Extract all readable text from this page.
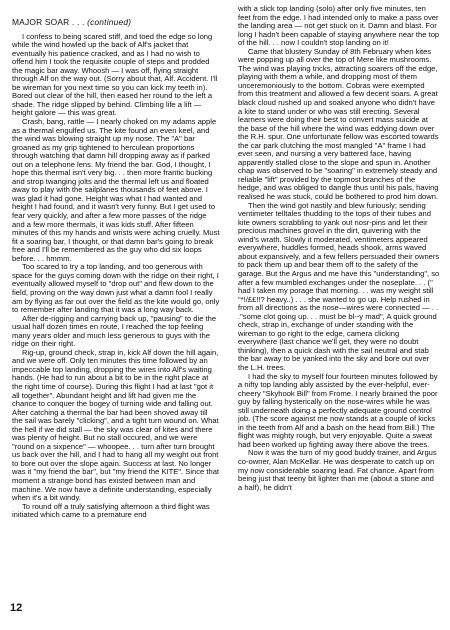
MAJOR SOAR . . . (continued)

I confess to being scared stiff, and toed the edge so long while the wind howled up the back of Alf's jacket that eventually his patience cracked, and as I had no wish to offend him I took the requisite couple of steps and prodded the magic bar away. Whoosh — I was off, flying straight through Alf on the way out. (Sorry about that, Alf. Accident. I'll be wireman for you next time so you can kick my teeth in). Bored out clear of the hill, then eased her round to the left a shade. The ridge slipped by behind. Climbing life a lift — height galore — this was great.

Crash, bang, rattle — I nearly choked on my adams apple as a thermal engulfed us. The kite found an even keel, and the wind was blowing straight up my nose. The "A" bar groaned as my grip tightened to herculean proportions through watching that damn hill dropping away as if parked out on a telephone lens. My friend the bar. God, I thought, I hope this thermal isn't very big. . . then more frantic bucking and strop twanging jolts and the thermal left us and floated away to play with the sailplanes thousands of feet above. I was glad it had gone. Height was what I had wanted and height I had found, and it wasn't very funny. But I get used to fear very quickly, and after a few more passes of the ridge and a few more thermals, it was kids stuff. After fifteen minutes of this my hands and wrists were aching cruelly. Must fit a soaring bar, I thought, or that damn bar's going to break free and I'll be remembered as the guy who did six loops before. . . hmmm.

Too scared to try a top landing, and too generous with space for the guys coming down with the ridge on their right, I eventually allowed myself to "drop out" and flew down to the field, proving on the way down just what a damn fool I really am by flying as far out over the field as the kite would go, only to remember after landing that it was a long way back.

After de-rigging and carrying back up, "pausing" to die the usual half dozen times en route, I reached the top feeling many years older and much less generous to guys with the ridge on their right.

Rig-up, ground check, strap in, kick Alf down the hill again, and we were off. Only ten minutes this time followed by an impeccable top landing, dropping the wires into Alf's waiting hands. (He had to run about a bit to be in the right place at the right time of course). During this flight I had at last "got it all together". Abundant height and lift had given me the chance to conquer the bogey of turning wide and falling out. After catching a thermal the bar had been shoved away till the sail was barely "clicking", and a tight turn wound on. What the hell if we did stall — the sky was clear of kites and there was plenty of height. But no stall occured, and we were "round on a sixpence" — whoopee. . . turn after turn brought us back over the hill, and I had to hang all my weight out front to bore out over the slope again. Success at last. No longer was it "my friend the bar", but "my friend the KITE". Since that moment a strange bond has existed between man and machine. We now have a definite understanding, especially when it's a bit windy.

To round off a truly satisfying afternoon a third flight was initiated which came to a premature end

with a slick top landing (solo) after only five minutes, ten feet from the edge. I had intended only to make a pass over the landing area — not get stuck on it. Damn and blast. For long I hadn't been capable of staying anywhere near the top of the hill. . . now I couldn't stop landing on it!

Came that blustery Sunday of 8th February when kites were popping up all over the top of Mere like mushrooms. The wind was playing tricks, attracting soarers off the edge, playing with them a while, and dropping most of them unceremoniously to the bottom. Cobras were exempted from this treatment and allowed a few decent soars. A great black cloud rushed up and soaked anyone who didn't have a kite to stand under or who was still erecting. Several learners were doing their best to convert mass suicide at the base of the hill where the wind was eddying down over the R.H. spur. One unfortunate fellow was escorted towards the car park clutching the most mangled "A" frame I had ever seen, and nursing a very battered face, having apparently stalled close to the slope and spun in. Another chap was observed to be "soaring" in extremely steady and reliable "lift" provided by the topmost branches of the hedge, and was obliged to dangle thus until his pals, having realised he was stuck, could be bothered to prod him down.

Then the wind got nastily and blew furiously; sending ventimeter telltales thudding to the tops of their tubes and kite owners scrabbling to yank out nosr-pins and let their precious machines grovel in the dirt, quivering with the wind's wrath. Slowly it moderated, ventimeters appeared everywhere, huddles formed, heads shook, arms waved about expansively, and a few fellers persuaded their owners to pack them up and bear them off to the safety of the garage. But the Argus and me have this "understanding", so after a few mumbled exchanges under the noseplate. . . (" had I taken my porage that morning. . . was my weight still "*!/££!!? heavy..) . . . she wanted to go up. Help rushed in from all directions as the nose—wires were connected — . . ."some clot going up. . . must be bl--y mad", A quick ground check, strap in, exchange of under standing with the wireman to go right to the edge, camera clicking everywhere (last chance we'll get, they were no doubt thinking), then a quick dash with the sail neutral and stab the bar away to be yanked into the sky and bore out over the L.H. trees.

I had the sky to myself four fourteen minutes followed by a nifty top landing ably assisted by the ever-helpful, ever-cheery "Skyhook Bill" from Frome. I nearly brained the poor guy by falling hysterically on the nose-wires while he was still underneath doing a perfectly adequate ground control job. (The score against me now stands at a couple of kicks in the teeth from Alf and a bash on the head from Bill.) The flight was mighty rough, but very enjoyable. Quite a sweat had been worked up fighting away there above the trees.

Now it was the turn of my good buddy trainer, and Argus co-owner, Alan McKellar. He was desperate to catch up on my now considerable soaring lead. Fat chance. Apart from being just that teeny bit lighter than me (about a stone and a half), he didn't

12
